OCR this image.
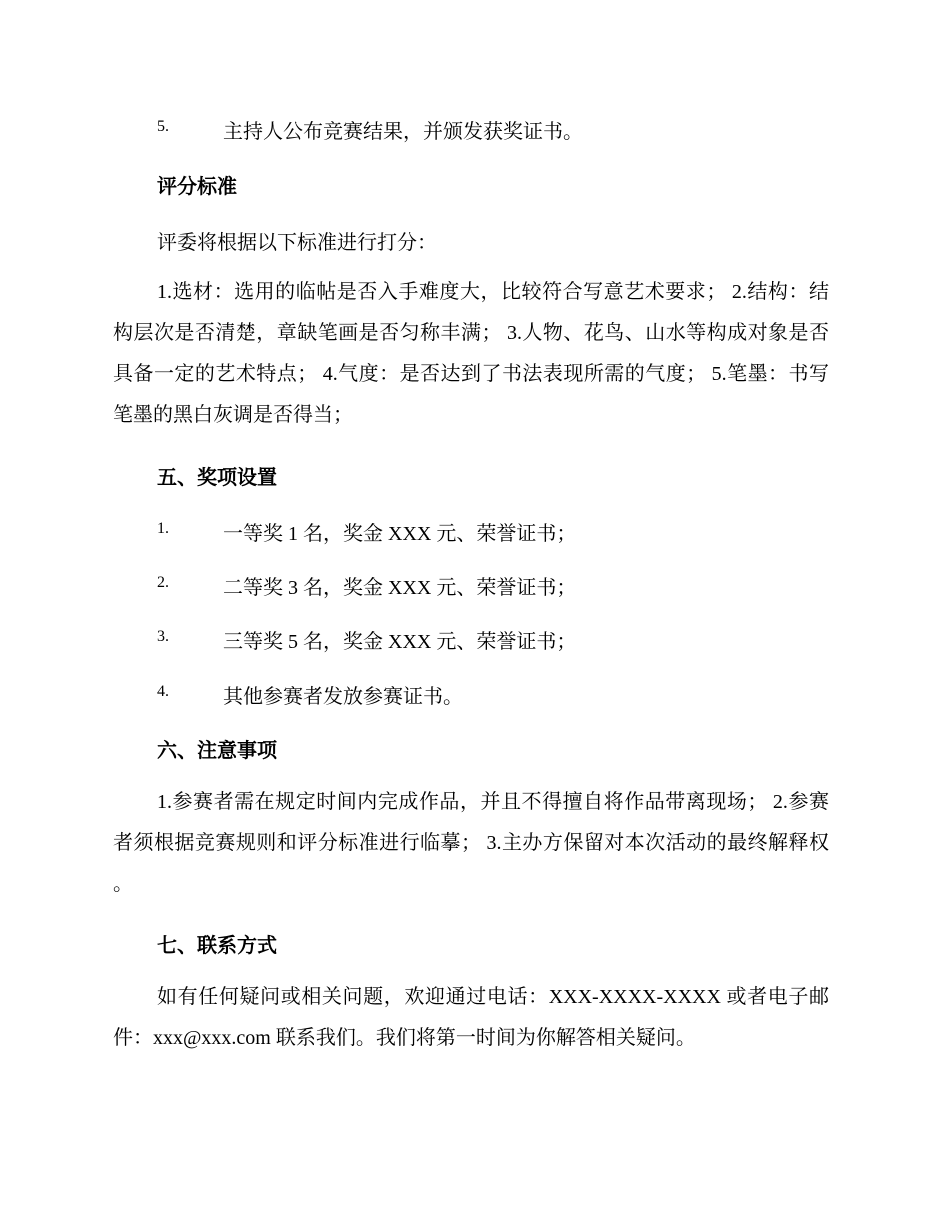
5.	主持人公布竞赛结果，并颁发获奖证书。
评分标准
评委将根据以下标准进行打分：

1.选材：选用的临帖是否入手难度大，比较符合写意艺术要求； 2.结构：结构层次是否清楚，章缺笔画是否匀称丰满； 3.人物、花鸟、山水等构成对象是否具备一定的艺术特点； 4.气度：是否达到了书法表现所需的气度； 5.笔墨：书写笔墨的黑白灰调是否得当；

五、奖项设置
1.	一等奖 1 名，奖金 XXX 元、荣誉证书；
2.	二等奖 3 名，奖金 XXX 元、荣誉证书；
3.	三等奖 5 名，奖金 XXX 元、荣誉证书；
4.	其他参赛者发放参赛证书。
六、注意事项

1.参赛者需在规定时间内完成作品，并且不得擅自将作品带离现场； 2.参赛者须根据竞赛规则和评分标准进行临摹； 3.主办方保留对本次活动的最终解释权。

七、联系方式

如有任何疑问或相关问题，欢迎通过电话：XXX-XXXX-XXXX 或者电子邮件：xxx@xxx.com 联系我们。我们将第一时间为你解答相关疑问。
